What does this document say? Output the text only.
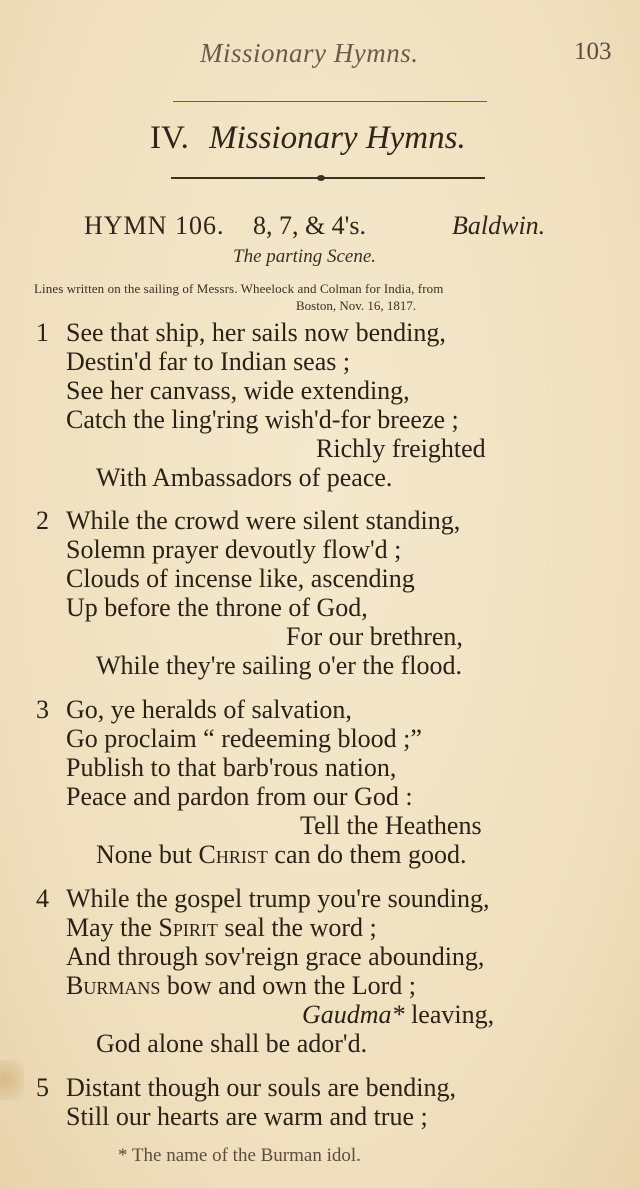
Missionary Hymns.	103
IV. Missionary Hymns.
HYMN 106. 8, 7, & 4's.	Baldwin.
The parting Scene.
Lines written on the sailing of Messrs. Wheelock and Colman for India, from
Boston, Nov. 16, 1817.
1 See that ship, her sails now bending,
Destin'd far to Indian seas ;
See her canvass, wide extending,
Catch the ling'ring wish'd-for breeze ;
Richly freighted
With Ambassadors of peace.
2 While the crowd were silent standing,
Solemn prayer devoutly flow'd ;
Clouds of incense like, ascending
Up before the throne of God,
For our brethren,
While they're sailing o'er the flood.
3 Go, ye heralds of salvation,
Go proclaim “ redeeming blood ;”
Publish to that barb'rous nation,
Peace and pardon from our God :
Tell the Heathens
None but Christ can do them good.
4 While the gospel trump you're sounding,
May the Spirit seal the word ;
And through sov'reign grace abounding,
Burmans bow and own the Lord ;
Gaudma* leaving,
God alone shall be ador'd.
5 Distant though our souls are bending,
Still our hearts are warm and true ;
* The name of the Burman idol.
